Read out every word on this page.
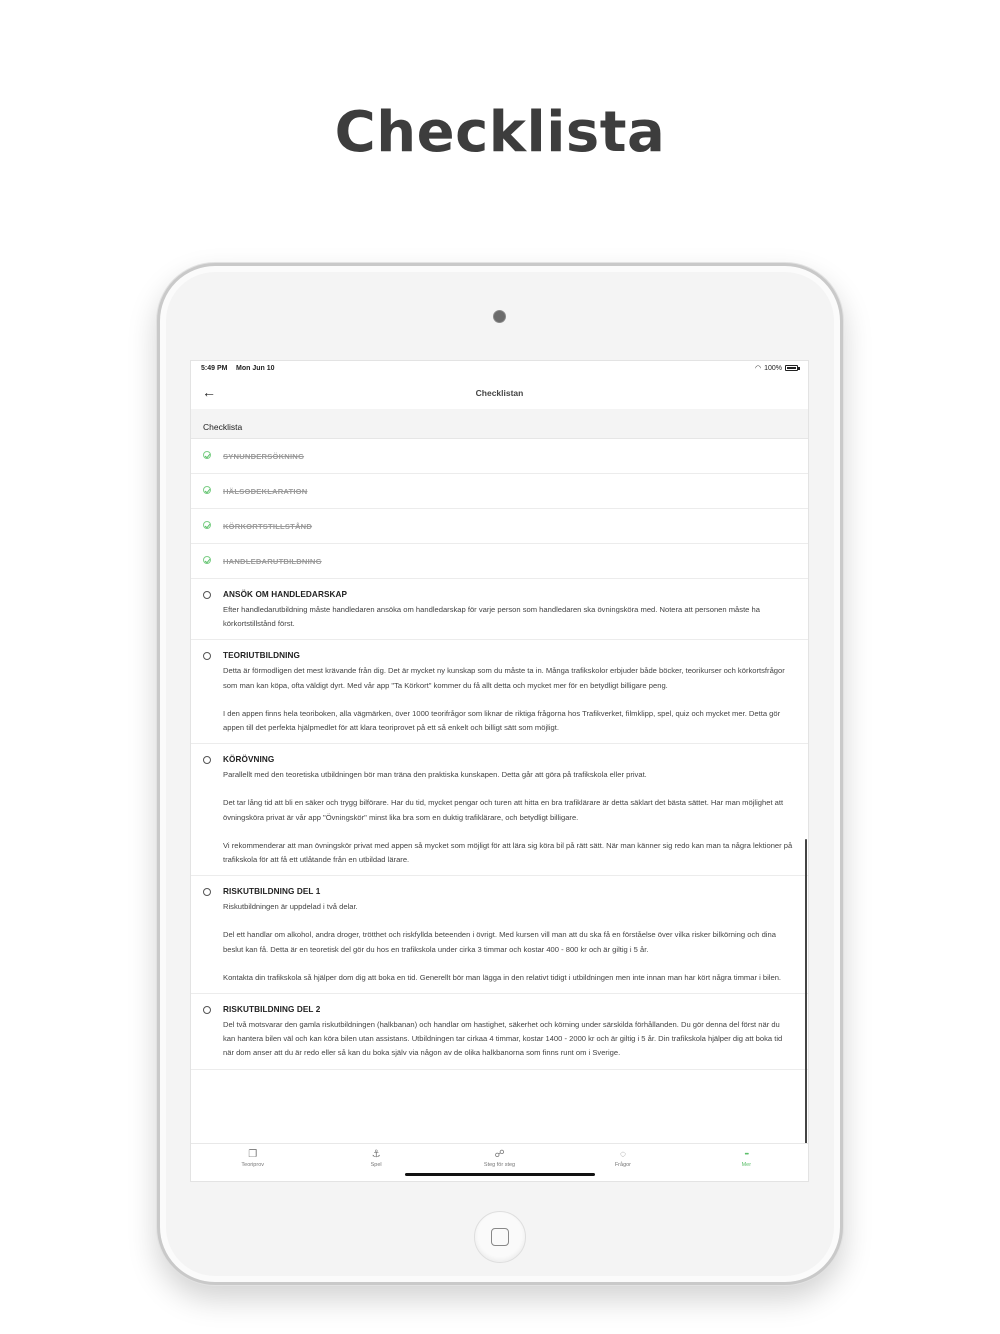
Checklista
5:49 PM Mon Jun 10	◠ 100%
←	Checklistan
Checklista
SYNUNDERSÖKNING
HÄLSODEKLARATION
KÖRKORTSTILLSTÅND
HANDLEDARUTBILDNING
ANSÖK OM HANDLEDARSKAP

Efter handledarutbildning måste handledaren ansöka om handledarskap för varje person som handledaren ska övningsköra med. Notera att personen måste ha körkortstillstånd först.

TEORIUTBILDNING

Detta är förmodligen det mest krävande från dig. Det är mycket ny kunskap som du måste ta in. Många trafikskolor erbjuder både böcker, teorikurser och körkortsfrågor som man kan köpa, ofta väldigt dyrt. Med vår app "Ta Körkort" kommer du få allt detta och mycket mer för en betydligt billigare peng.

I den appen finns hela teoriboken, alla vägmärken, över 1000 teorifrågor som liknar de riktiga frågorna hos Trafikverket, filmklipp, spel, quiz och mycket mer. Detta gör appen till det perfekta hjälpmedlet för att klara teoriprovet på ett så enkelt och billigt sätt som möjligt.

KÖRÖVNING

Parallellt med den teoretiska utbildningen bör man träna den praktiska kunskapen. Detta går att göra på trafikskola eller privat.

Det tar lång tid att bli en säker och trygg bilförare. Har du tid, mycket pengar och turen att hitta en bra trafiklärare är detta säklart det bästa sättet. Har man möjlighet att övningsköra privat är vår app "Övningskör" minst lika bra som en duktig trafiklärare, och betydligt billigare.

Vi rekommenderar att man övningskör privat med appen så mycket som möjligt för att lära sig köra bil på rätt sätt. När man känner sig redo kan man ta några lektioner på trafikskola för att få ett utlåtande från en utbildad lärare.

RISKUTBILDNING DEL 1

Riskutbildningen är uppdelad i två delar.

Del ett handlar om alkohol, andra droger, trötthet och riskfyllda beteenden i övrigt. Med kursen vill man att du ska få en förståelse över vilka risker bilkörning och dina beslut kan få. Detta är en teoretisk del gör du hos en trafikskola under cirka 3 timmar och kostar 400 - 800 kr och är giltig i 5 år.

Kontakta din trafikskola så hjälper dom dig att boka en tid. Generellt bör man lägga in den relativt tidigt i utbildningen men inte innan man har kört några timmar i bilen.

RISKUTBILDNING DEL 2

Del två motsvarar den gamla riskutbildningen (halkbanan) och handlar om hastighet, säkerhet och körning under särskilda förhållanden. Du gör denna del först när du kan hantera bilen väl och kan köra bilen utan assistans. Utbildningen tar cirkaa 4 timmar, kostar 1400 - 2000 kr och är giltig i 5 år. Din trafikskola hjälper dig att boka tid när dom anser att du är redo eller så kan du boka själv via någon av de olika halkbanorna som finns runt om i Sverige.

❐
Teoriprov
⚓
Spel
☍
Steg för steg
◌
Frågor
•••
Mer
